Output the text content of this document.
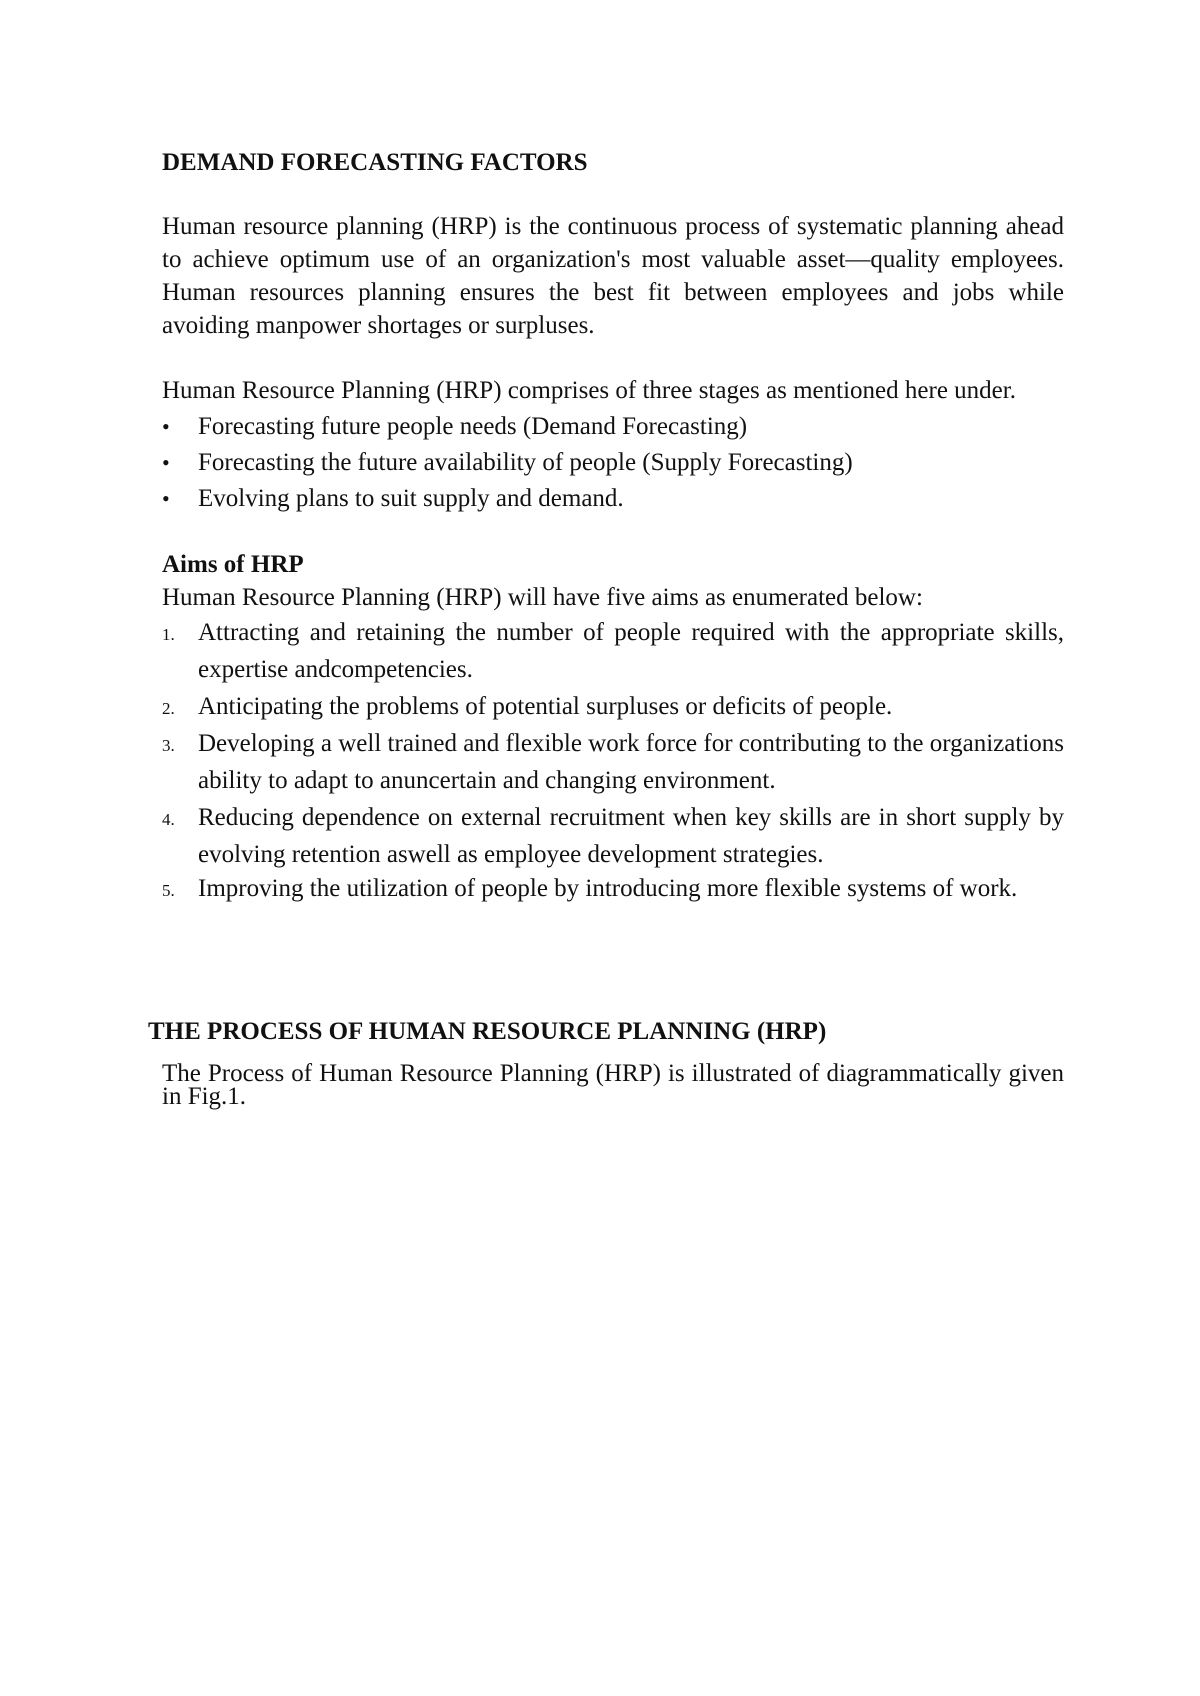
DEMAND FORECASTING FACTORS

Human resource planning (HRP) is the continuous process of systematic planning ahead to achieve optimum use of an organization's most valuable asset—quality employees. Human resources planning ensures the best fit between employees and jobs while avoiding manpower shortages or surpluses.

Human Resource Planning (HRP) comprises of three stages as mentioned here under.

• Forecasting future people needs (Demand Forecasting)
• Forecasting the future availability of people (Supply Forecasting)
• Evolving plans to suit supply and demand.
Aims of HRP

Human Resource Planning (HRP) will have five aims as enumerated below:

1. Attracting and retaining the number of people required with the appropriate skills, expertise andcompetencies.
2. Anticipating the problems of potential surpluses or deficits of people.
3. Developing a well trained and flexible work force for contributing to the organizations ability to adapt to anuncertain and changing environment.
4. Reducing dependence on external recruitment when key skills are in short supply by evolving retention aswell as employee development strategies.
5. Improving the utilization of people by introducing more flexible systems of work.
THE PROCESS OF HUMAN RESOURCE PLANNING (HRP)

The Process of Human Resource Planning (HRP) is illustrated of diagrammatically given in Fig.1.
